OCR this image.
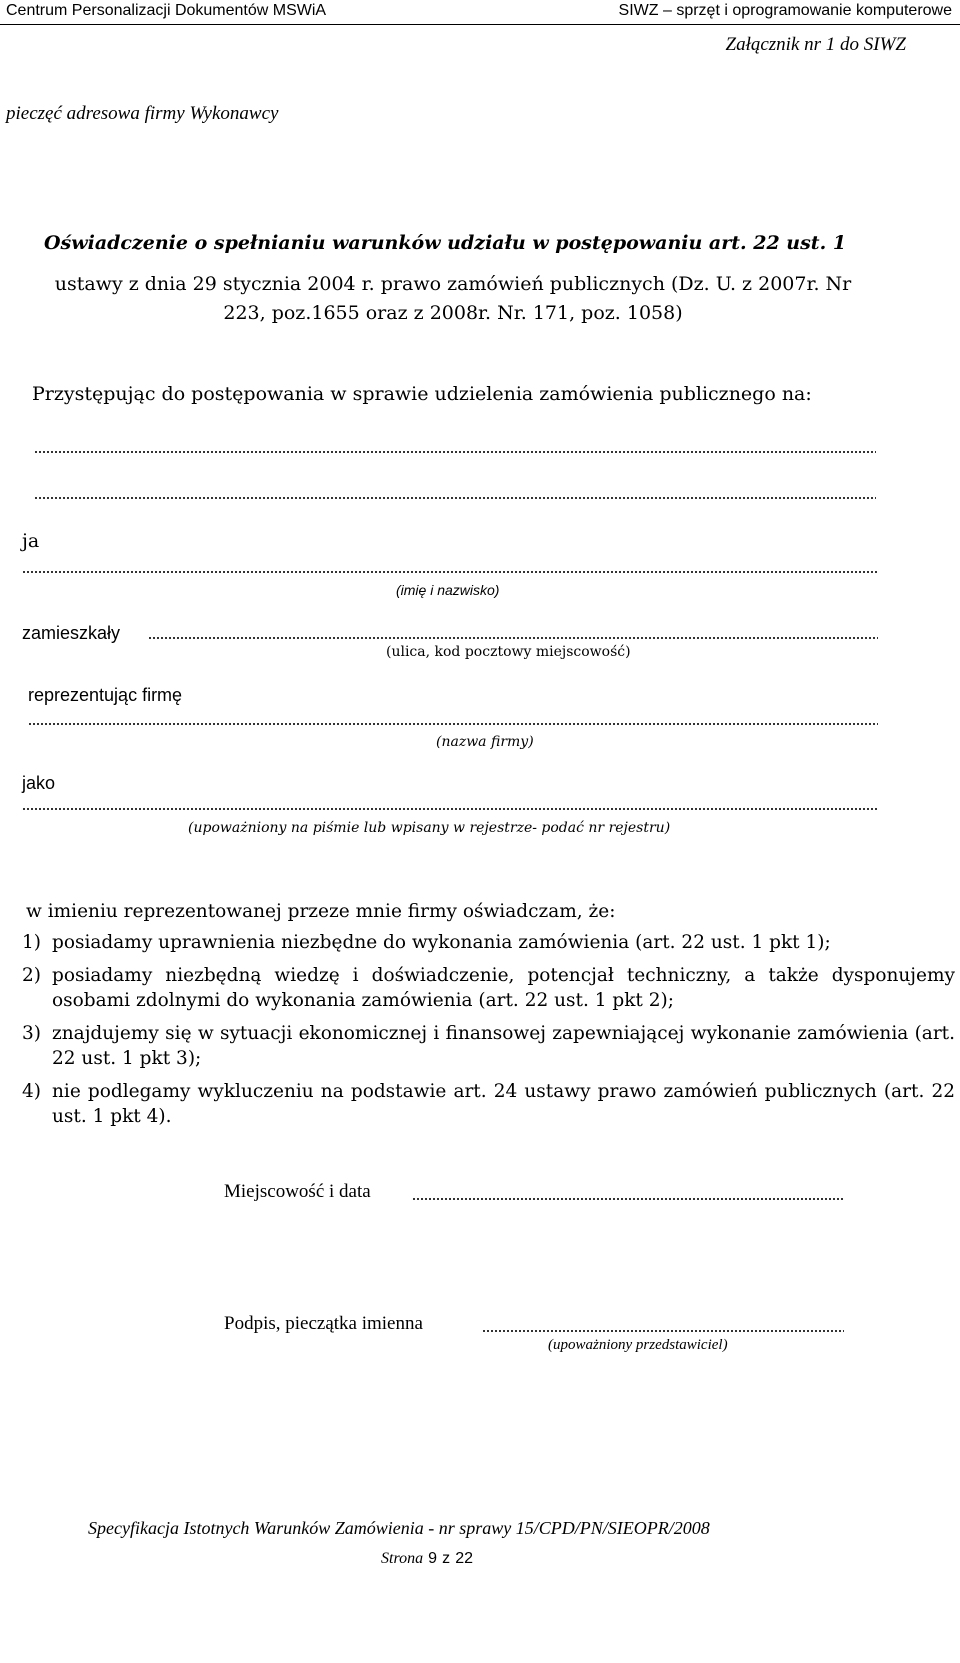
Centrum Personalizacji Dokumentów MSWiA	SIWZ – sprzęt i oprogramowanie komputerowe
Załącznik nr 1 do SIWZ
pieczęć adresowa firmy Wykonawcy
Oświadczenie o spełnianiu warunków udziału w postępowaniu art. 22 ust. 1
ustawy z dnia 29 stycznia 2004 r. prawo zamówień publicznych (Dz. U. z 2007r. Nr
223, poz.1655 oraz z 2008r. Nr. 171, poz. 1058)
Przystępując do postępowania w sprawie udzielenia zamówienia publicznego na:
ja
(imię i nazwisko)
zamieszkały
(ulica, kod pocztowy miejscowość)
reprezentując firmę
(nazwa firmy)
jako
(upoważniony na piśmie lub wpisany w rejestrze- podać nr rejestru)
w imieniu reprezentowanej przeze mnie firmy oświadczam, że:
1) posiadamy uprawnienia niezbędne do wykonania zamówienia (art. 22 ust. 1 pkt 1);
2) posiadamy niezbędną wiedzę i doświadczenie, potencjał techniczny, a także dysponujemy osobami zdolnymi do wykonania zamówienia (art. 22 ust. 1 pkt 2);
3) znajdujemy się w sytuacji ekonomicznej i finansowej zapewniającej wykonanie zamówienia (art. 22 ust. 1 pkt 3);
4) nie podlegamy wykluczeniu na podstawie art. 24 ustawy prawo zamówień publicznych (art. 22 ust. 1 pkt 4).
Miejscowość i data
Podpis, pieczątka imienna
(upoważniony przedstawiciel)
Specyfikacja Istotnych Warunków Zamówienia - nr sprawy 15/CPD/PN/SIEOPR/2008
Strona 9 z 22
